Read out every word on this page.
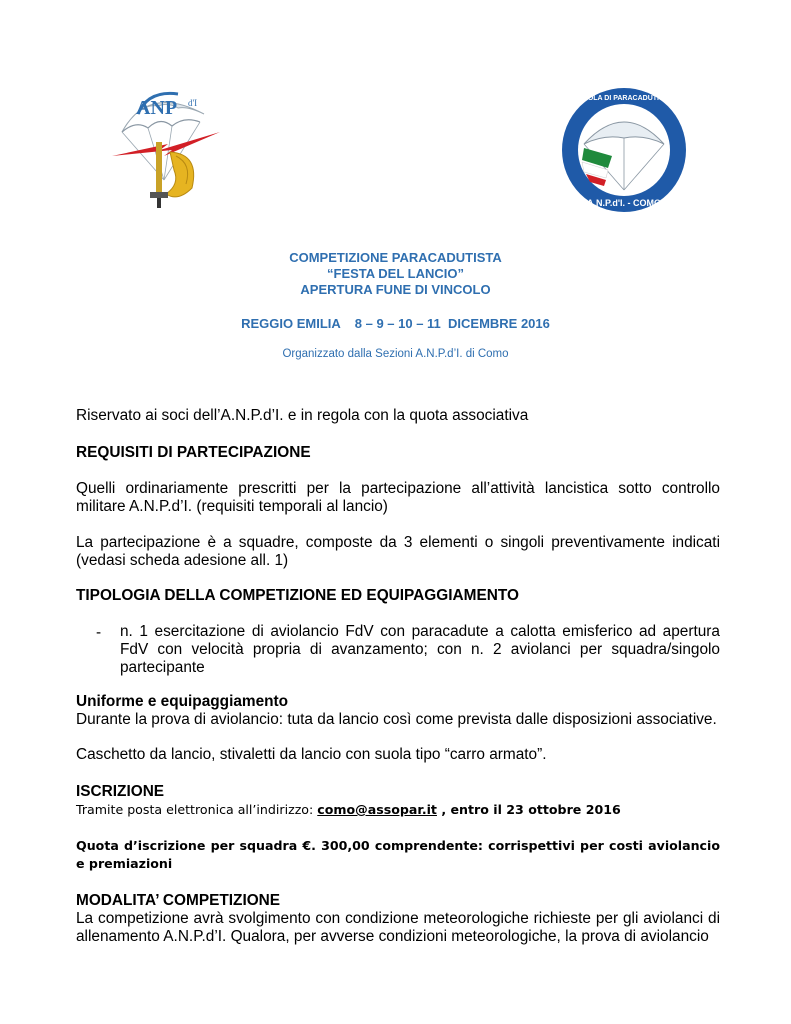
ANP d'I
A.N.P.d'I. - COMO
SCUOLA DI PARACADUTISMO
COMPETIZIONE PARACADUTISTA
“FESTA DEL LANCIO”
APERTURA FUNE DI VINCOLO
REGGIO EMILIA    8 – 9 – 10 – 11  DICEMBRE 2016
Organizzato dalla Sezioni A.N.P.d’I. di Como

Riservato ai soci dell’A.N.P.d’I. e in regola con la quota associativa

REQUISITI DI PARTECIPAZIONE
Quelli ordinariamente prescritti per la partecipazione all’attività lancistica sotto controllo militare A.N.P.d’I. (requisiti temporali al lancio)
La partecipazione è a squadre, composte da 3 elementi o singoli preventivamente indicati (vedasi scheda adesione all. 1)
TIPOLOGIA DELLA COMPETIZIONE ED EQUIPAGGIAMENTO
-	n. 1 esercitazione di aviolancio FdV con paracadute a calotta emisferico ad apertura FdV con velocità propria di avanzamento; con n. 2 aviolanci per squadra/singolo partecipante
Uniforme e equipaggiamento
Durante la prova di aviolancio: tuta da lancio così come prevista dalle disposizioni associative.
Caschetto da lancio, stivaletti da lancio con suola tipo “carro armato”.
ISCRIZIONE
Tramite posta elettronica all’indirizzo: como@assopar.it , entro il 23 ottobre 2016
Quota d’iscrizione per squadra €. 300,00 comprendente: corrispettivi per costi aviolancio e premiazioni
MODALITA’ COMPETIZIONE
La competizione avrà svolgimento con condizione meteorologiche richieste per gli aviolanci di allenamento A.N.P.d’I. Qualora, per avverse condizioni meteorologiche, la prova di aviolancio
